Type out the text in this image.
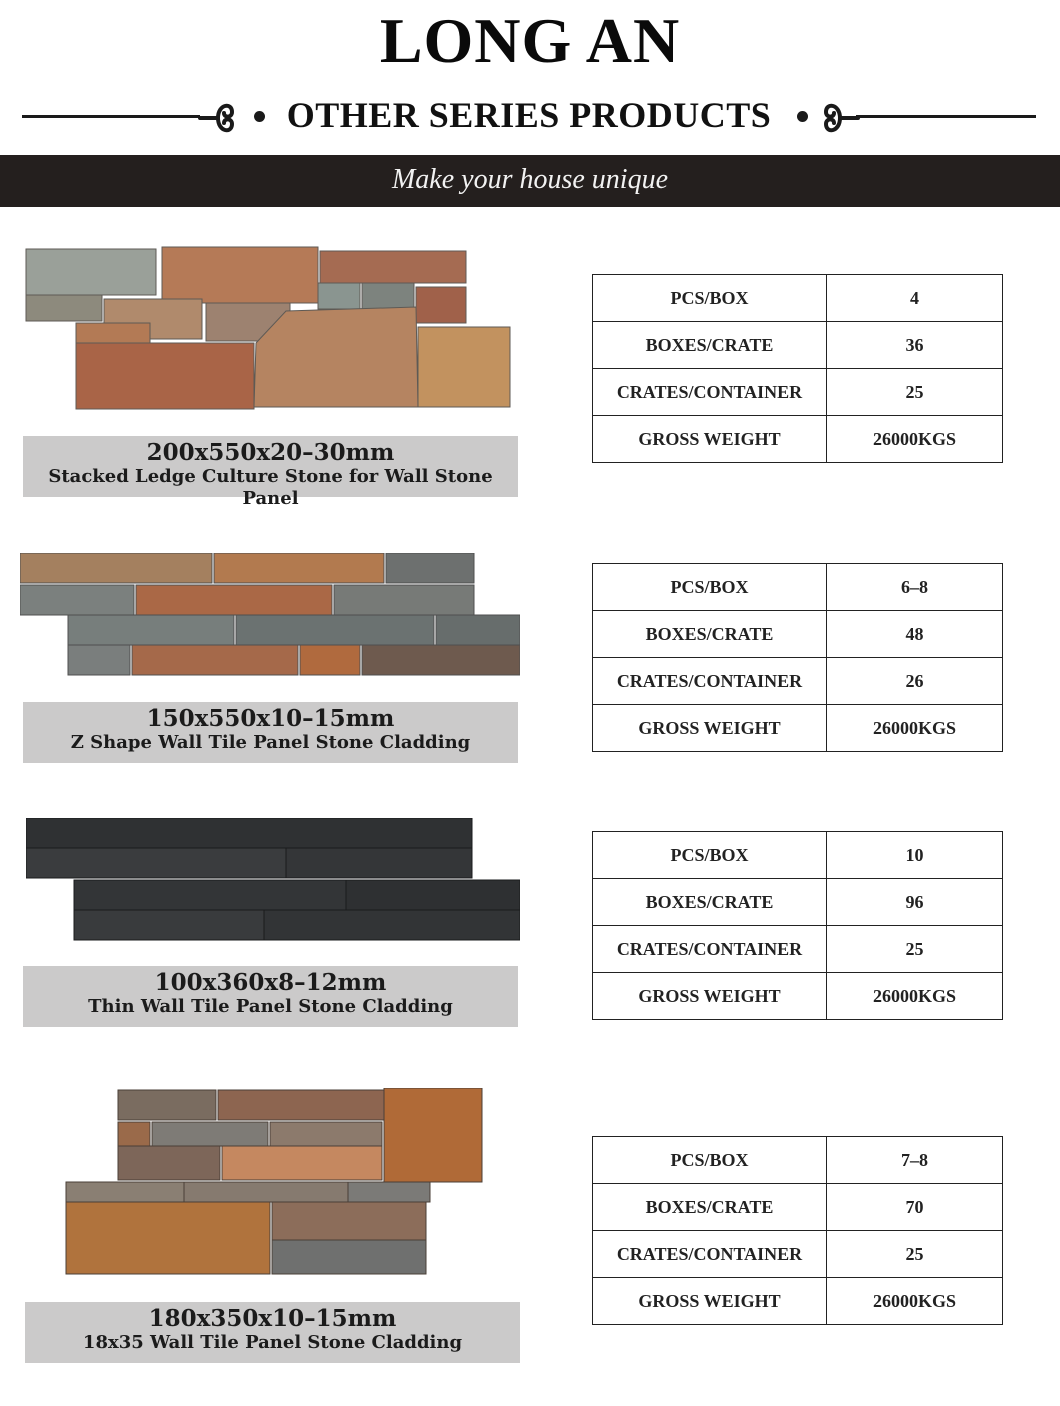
LONG AN
OTHER SERIES PRODUCTS
Make your house unique
200x550x20–30mm
Stacked Ledge Culture Stone for Wall Stone Panel
PCS/BOX	4
BOXES/CRATE	36
CRATES/CONTAINER	25
GROSS WEIGHT	26000KGS
150x550x10–15mm
Z Shape Wall Tile Panel Stone Cladding
PCS/BOX	6–8
BOXES/CRATE	48
CRATES/CONTAINER	26
GROSS WEIGHT	26000KGS
100x360x8–12mm
Thin Wall Tile Panel Stone Cladding
PCS/BOX	10
BOXES/CRATE	96
CRATES/CONTAINER	25
GROSS WEIGHT	26000KGS
180x350x10–15mm
18x35 Wall Tile Panel Stone Cladding
PCS/BOX	7–8
BOXES/CRATE	70
CRATES/CONTAINER	25
GROSS WEIGHT	26000KGS
